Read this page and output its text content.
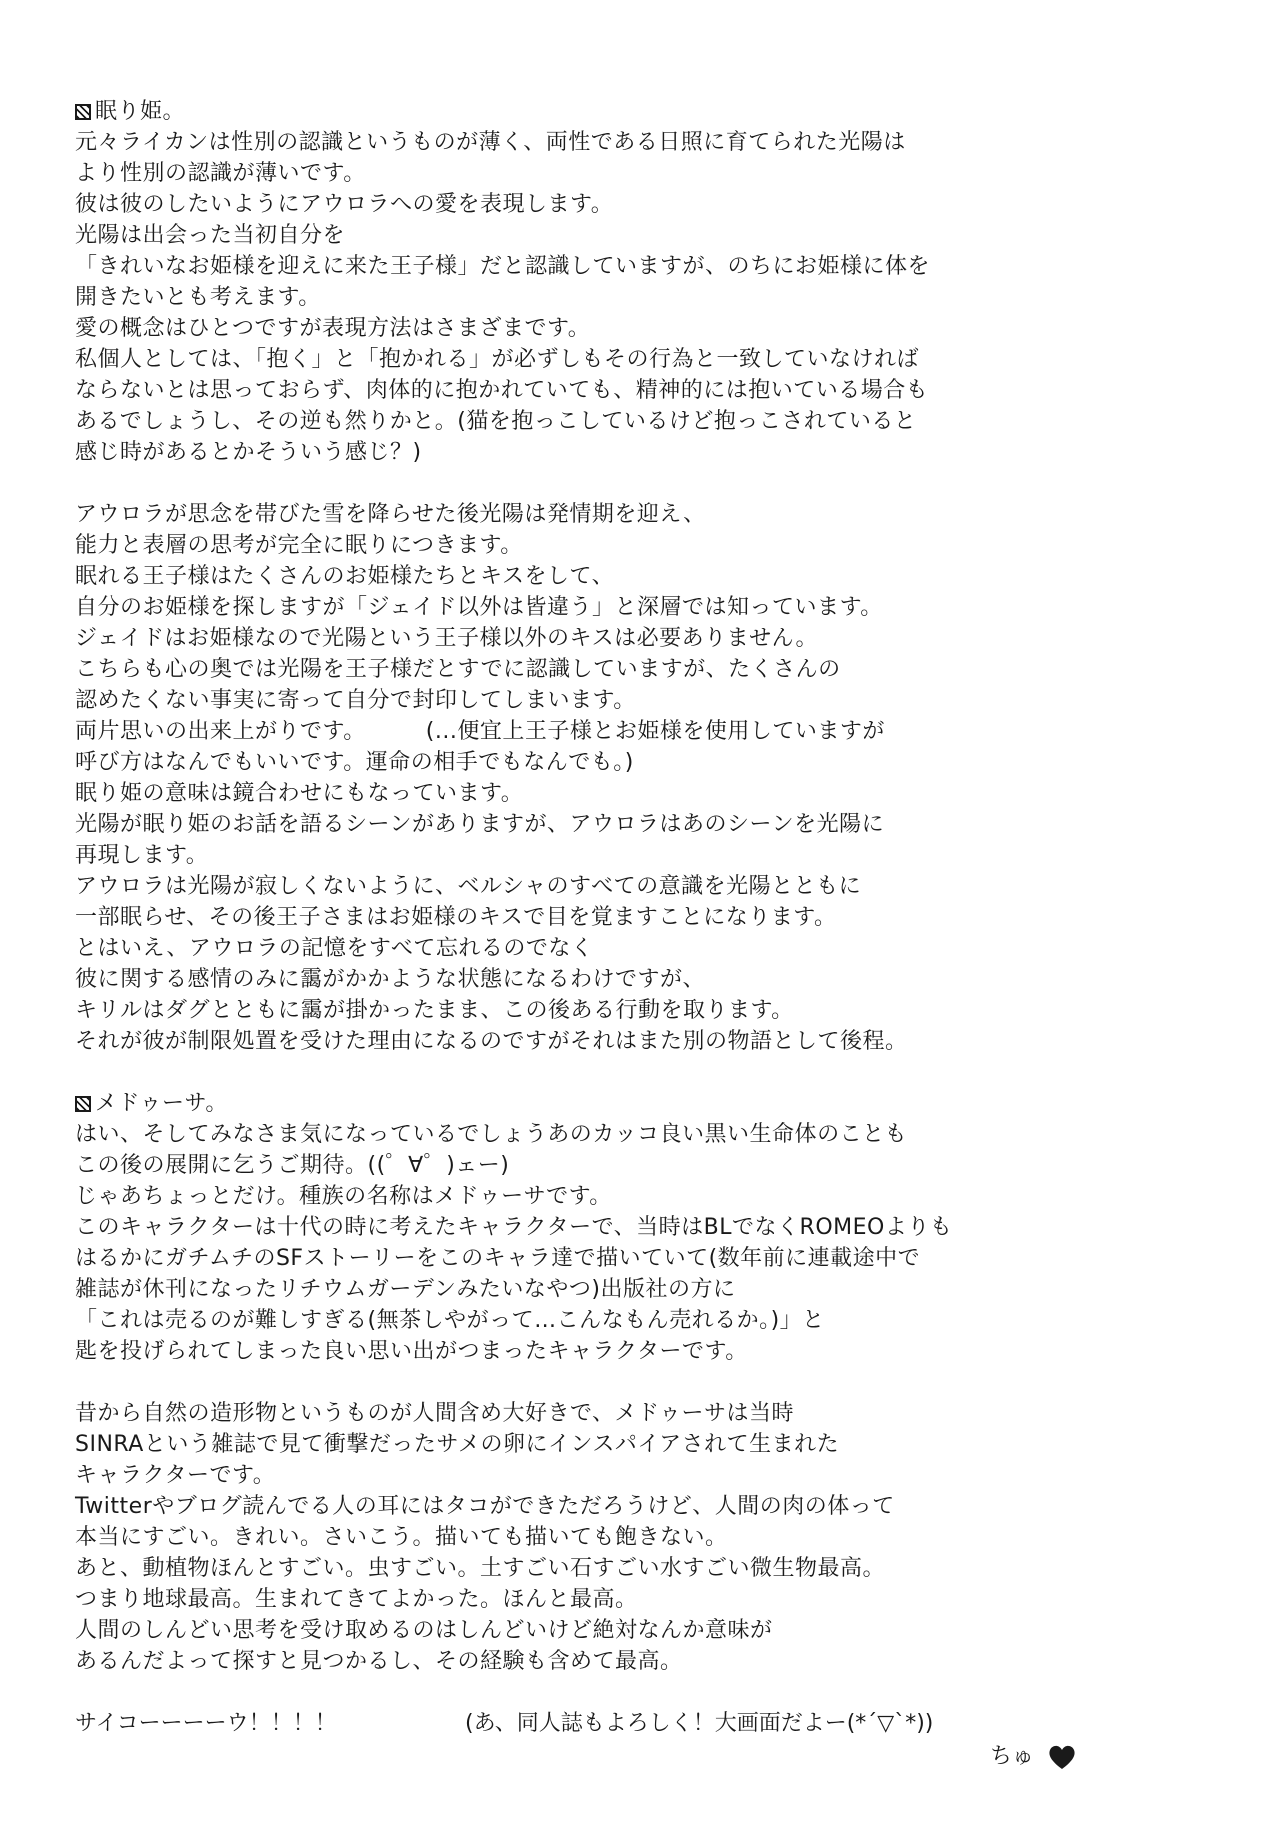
眠り姫。
元々ライカンは性別の認識というものが薄く、両性である日照に育てられた光陽は
より性別の認識が薄いです。
彼は彼のしたいようにアウロラへの愛を表現します。
光陽は出会った当初自分を
「きれいなお姫様を迎えに来た王子様」だと認識していますが、のちにお姫様に体を
開きたいとも考えます。
愛の概念はひとつですが表現方法はさまざまです。
私個人としては、「抱く」と「抱かれる」が必ずしもその行為と一致していなければ
ならないとは思っておらず、肉体的に抱かれていても、精神的には抱いている場合も
あるでしょうし、その逆も然りかと。(猫を抱っこしているけど抱っこされていると
感じ時があるとかそういう感じ？)
アウロラが思念を帯びた雪を降らせた後光陽は発情期を迎え、
能力と表層の思考が完全に眠りにつきます。
眠れる王子様はたくさんのお姫様たちとキスをして、
自分のお姫様を探しますが「ジェイド以外は皆違う」と深層では知っています。
ジェイドはお姫様なので光陽という王子様以外のキスは必要ありません。
こちらも心の奥では光陽を王子様だとすでに認識していますが、たくさんの
認めたくない事実に寄って自分で封印してしまいます。
両片思いの出来上がりです。	(...便宜上王子様とお姫様を使用していますが
呼び方はなんでもいいです。運命の相手でもなんでも。)
眠り姫の意味は鏡合わせにもなっています。
光陽が眠り姫のお話を語るシーンがありますが、アウロラはあのシーンを光陽に
再現します。
アウロラは光陽が寂しくないように、ベルシャのすべての意識を光陽とともに
一部眠らせ、その後王子さまはお姫様のキスで目を覚ますことになります。
とはいえ、アウロラの記憶をすべて忘れるのでなく
彼に関する感情のみに靄がかかような状態になるわけですが、
キリルはダグとともに靄が掛かったまま、この後ある行動を取ります。
それが彼が制限処置を受けた理由になるのですがそれはまた別の物語として後程。
メドゥーサ。
はい、そしてみなさま気になっているでしょうあのカッコ良い黒い生命体のことも
この後の展開に乞うご期待。((゜∀゜)ェー)
じゃあちょっとだけ。種族の名称はメドゥーサです。
このキャラクターは十代の時に考えたキャラクターで、当時はBLでなくROMEOよりも
はるかにガチムチのSFストーリーをこのキャラ達で描いていて(数年前に連載途中で
雑誌が休刊になったリチウムガーデンみたいなやつ)出版社の方に
「これは売るのが難しすぎる(無茶しやがって…こんなもん売れるか。)」と
匙を投げられてしまった良い思い出がつまったキャラクターです。
昔から自然の造形物というものが人間含め大好きで、メドゥーサは当時
SINRAという雑誌で見て衝撃だったサメの卵にインスパイアされて生まれた
キャラクターです。
Twitterやブログ読んでる人の耳にはタコができただろうけど、人間の肉の体って
本当にすごい。きれい。さいこう。描いても描いても飽きない。
あと、動植物ほんとすごい。虫すごい。土すごい石すごい水すごい微生物最高。
つまり地球最高。生まれてきてよかった。ほんと最高。
人間のしんどい思考を受け取めるのはしんどいけど絶対なんか意味が
あるんだよって探すと見つかるし、その経験も含めて最高。
サイコーーーーウ！！！！	(あ、同人誌もよろしく！大画面だよー(*´▽`*))
ちゅ
